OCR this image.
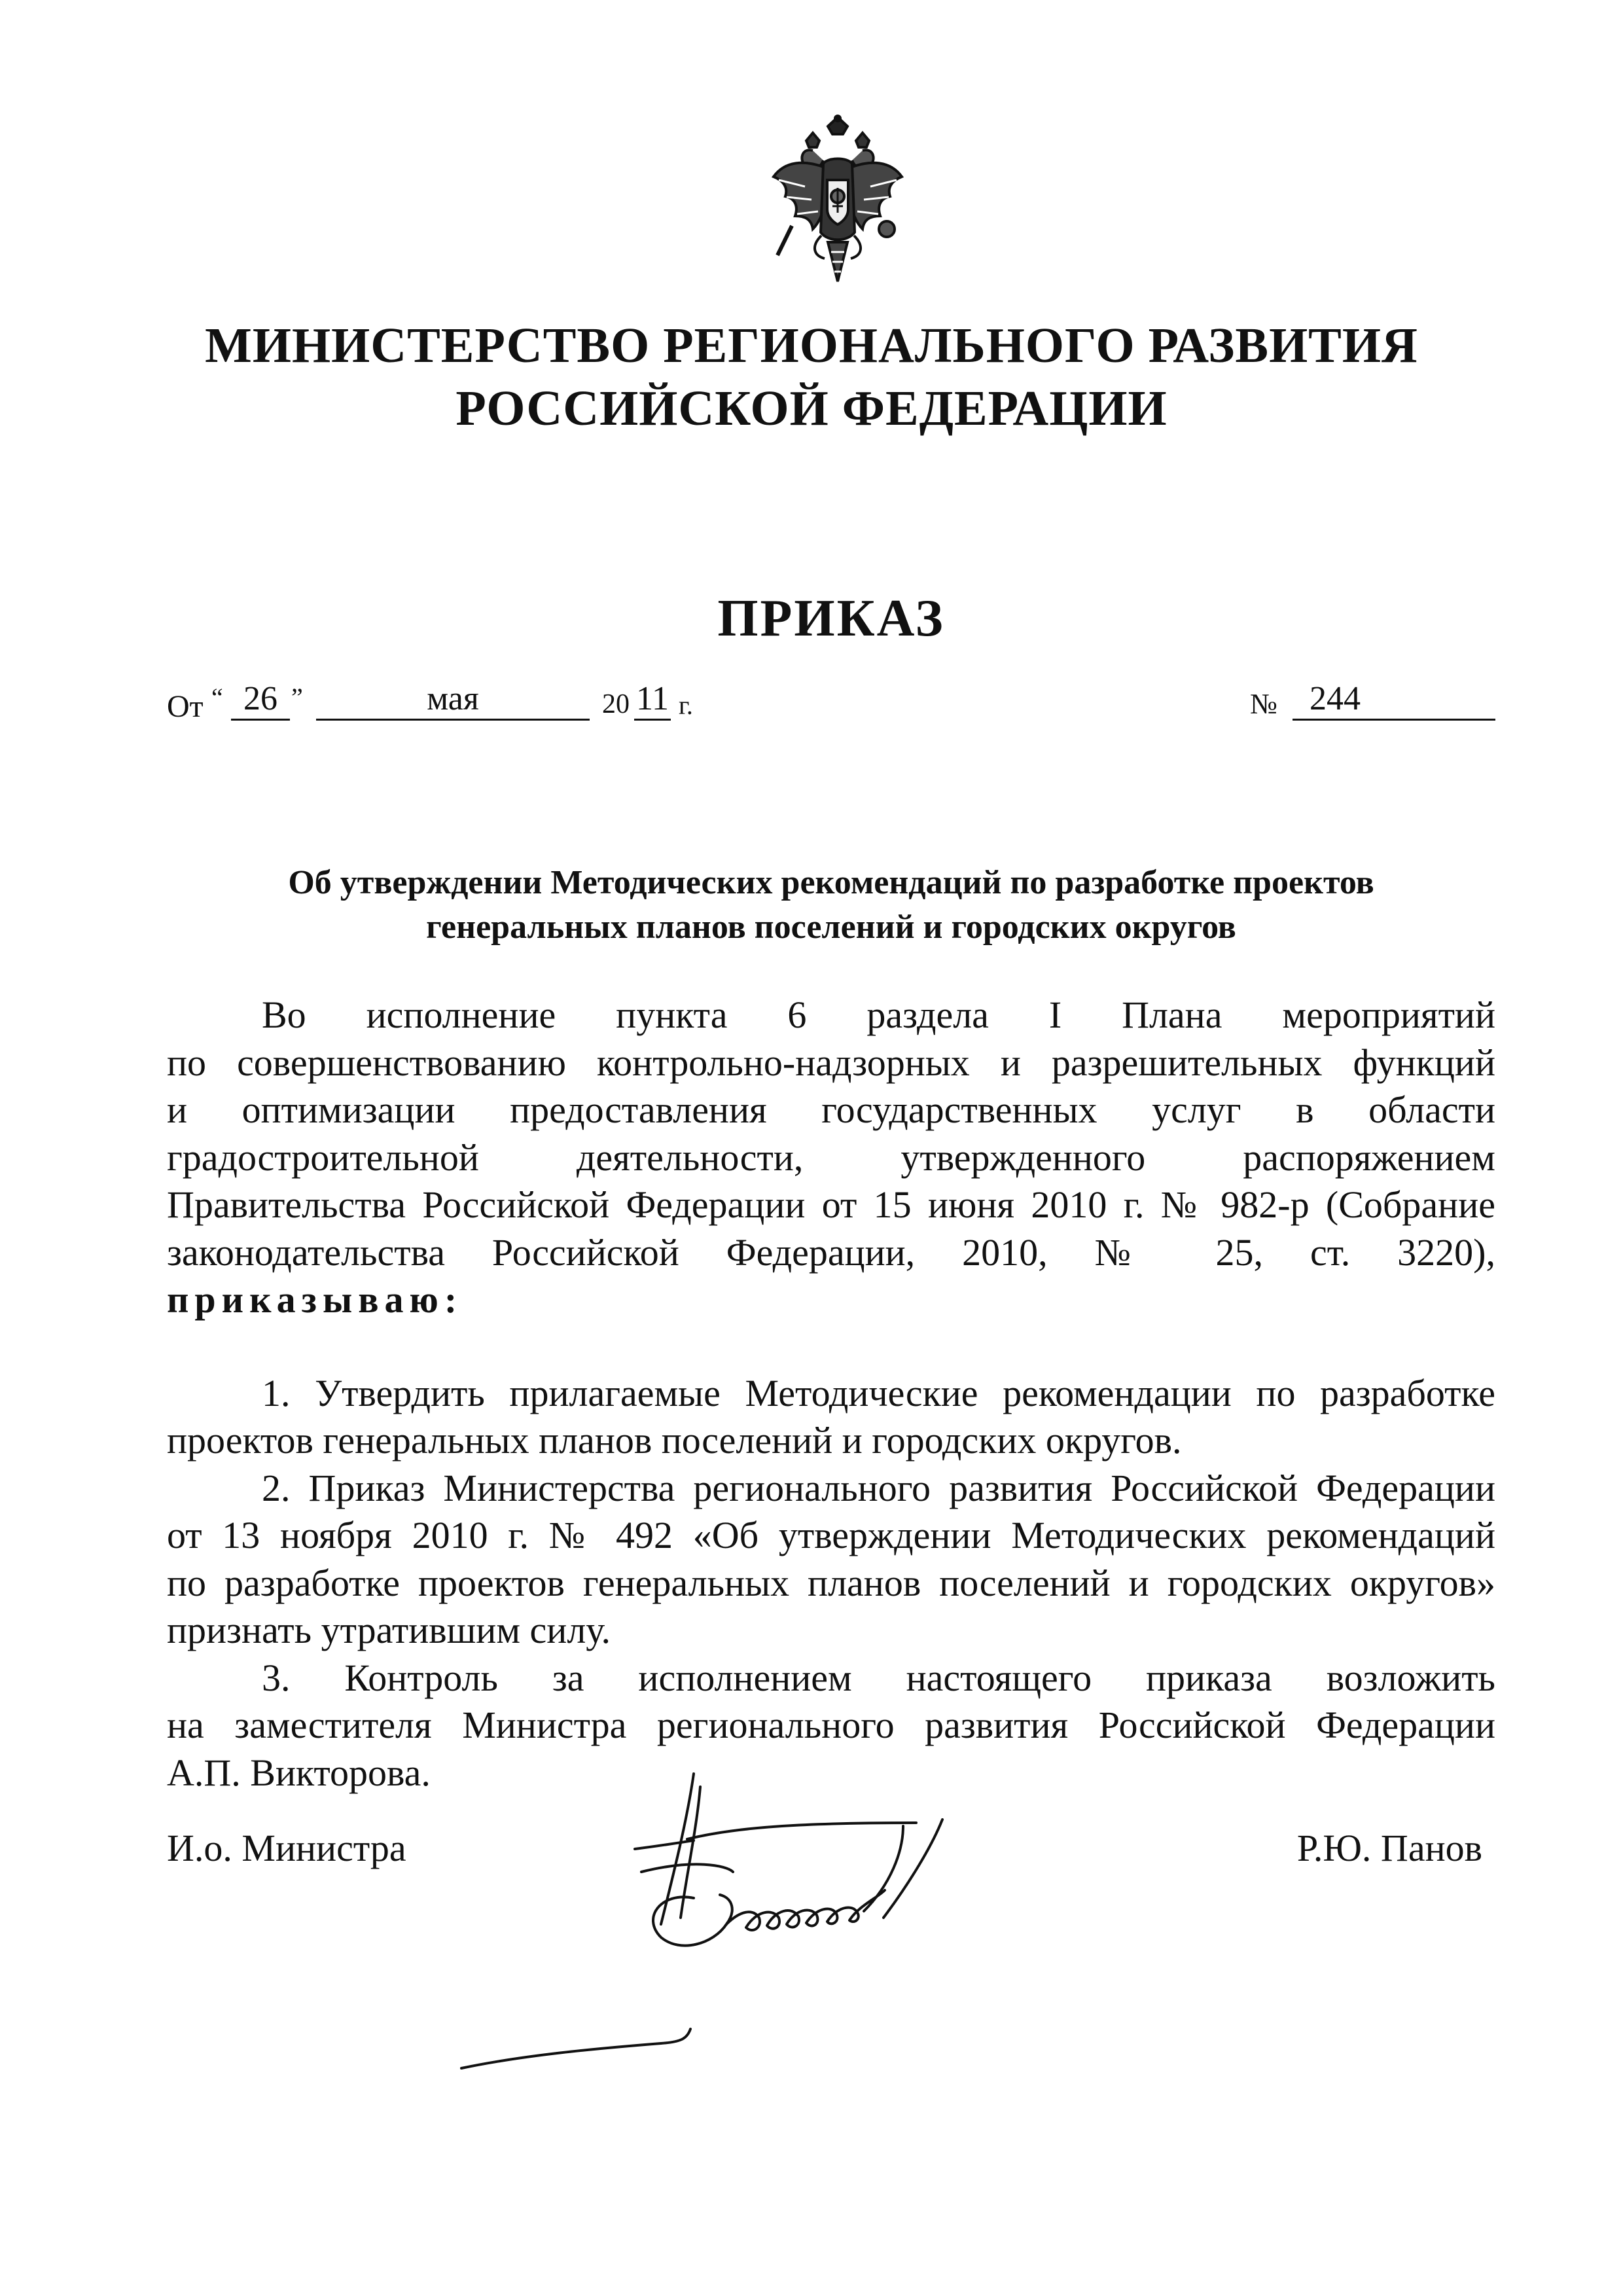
МИНИСТЕРСТВО РЕГИОНАЛЬНОГО РАЗВИТИЯ
РОССИЙСКОЙ ФЕДЕРАЦИИ
ПРИКАЗ
От “ 26 ”	мая	20 11 г.	№ 244
Об утверждении Методических рекомендаций по разработке проектов
генеральных планов поселений и городских округов
Во исполнение пункта 6 раздела I Плана мероприятий
по совершенствованию контрольно-надзорных и разрешительных функций
и оптимизации предоставления государственных услуг в области
градостроительной деятельности, утвержденного распоряжением
Правительства Российской Федерации от 15 июня 2010 г. № 982-р (Собрание
законодательства Российской Федерации, 2010, № 25, ст. 3220),
приказываю:
1. Утвердить прилагаемые Методические рекомендации по разработке
проектов генеральных планов поселений и городских округов.
2. Приказ Министерства регионального развития Российской Федерации
от 13 ноября 2010 г. № 492 «Об утверждении Методических рекомендаций
по разработке проектов генеральных планов поселений и городских округов»
признать утратившим силу.
3. Контроль за исполнением настоящего приказа возложить
на заместителя Министра регионального развития Российской Федерации
А.П. Викторова.
И.о. Министра	Р.Ю. Панов
